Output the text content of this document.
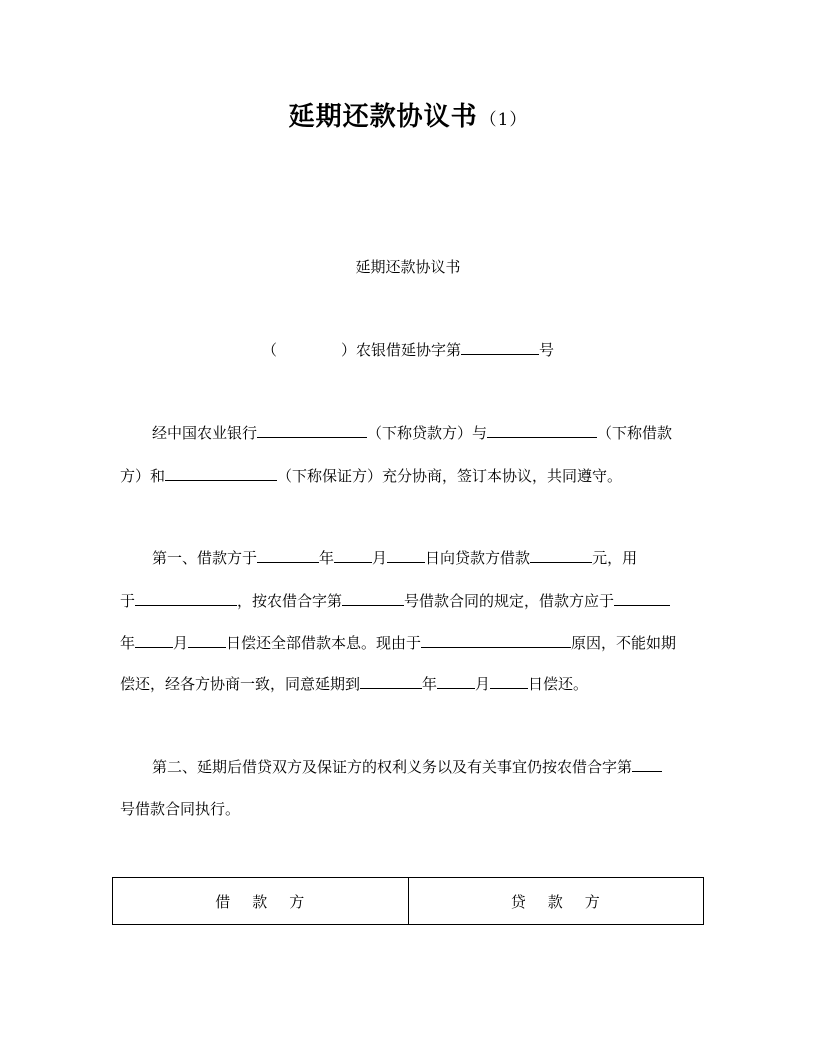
延期还款协议书 （1）
延期还款协议书
（	）农银借延协字第	号
经中国农业银行	（下称贷款方）与	（下称借款
方）和	（下称保证方）充分协商，签订本协议，共同遵守。
第一、借款方于	年	月	日向贷款方借款	元，用
于	，按农借合字第	号借款合同的规定，借款方应于
年	月	日偿还全部借款本息。现由于	原因，不能如期
偿还，经各方协商一致，同意延期到	年	月	日偿还。
第二、延期后借贷双方及保证方的权利义务以及有关事宜仍按农借合字第
号借款合同执行。
借款方	贷款方
